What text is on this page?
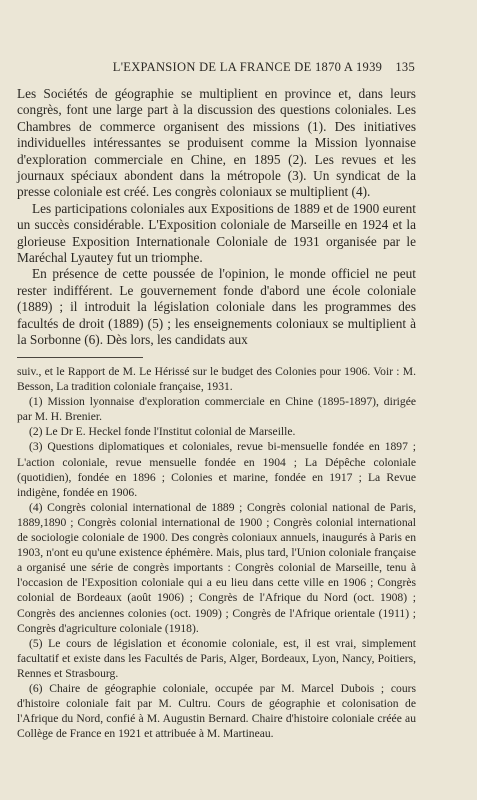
L'EXPANSION DE LA FRANCE DE 1870 A 1939	135

Les Sociétés de géographie se multiplient en province et, dans leurs congrès, font une large part à la discussion des questions coloniales. Les Chambres de commerce organisent des missions (1). Des initiatives individuelles intéressantes se produisent comme la Mission lyonnaise d'exploration commerciale en Chine, en 1895 (2). Les revues et les journaux spéciaux abondent dans la métropole (3). Un syndicat de la presse coloniale est créé. Les congrès coloniaux se multiplient (4).

Les participations coloniales aux Expositions de 1889 et de 1900 eurent un succès considérable. L'Exposition coloniale de Marseille en 1924 et la glorieuse Exposition Internationale Coloniale de 1931 organisée par le Maréchal Lyautey fut un triomphe.

En présence de cette poussée de l'opinion, le monde officiel ne peut rester indifférent. Le gouvernement fonde d'abord une école coloniale (1889) ; il introduit la législation coloniale dans les programmes des facultés de droit (1889) (5) ; les enseignements coloniaux se multiplient à la Sorbonne (6). Dès lors, les candidats aux

suiv., et le Rapport de M. Le Hérissé sur le budget des Colonies pour 1906. Voir : M. Besson, La tradition coloniale française, 1931.

(1) Mission lyonnaise d'exploration commerciale en Chine (1895-1897), dirigée par M. H. Brenier.

(2) Le Dr E. Heckel fonde l'Institut colonial de Marseille.

(3) Questions diplomatiques et coloniales, revue bi-mensuelle fondée en 1897 ; L'action coloniale, revue mensuelle fondée en 1904 ; La Dépêche coloniale (quotidien), fondée en 1896 ; Colonies et marine, fondée en 1917 ; La Revue indigène, fondée en 1906.

(4) Congrès colonial international de 1889 ; Congrès colonial national de Paris, 1889,1890 ; Congrès colonial international de 1900 ; Congrès colonial international de sociologie coloniale de 1900. Des congrès coloniaux annuels, inaugurés à Paris en 1903, n'ont eu qu'une existence éphémère. Mais, plus tard, l'Union coloniale française a organisé une série de congrès importants : Congrès colonial de Marseille, tenu à l'occasion de l'Exposition coloniale qui a eu lieu dans cette ville en 1906 ; Congrès colonial de Bordeaux (août 1906) ; Congrès de l'Afrique du Nord (oct. 1908) ; Congrès des anciennes colonies (oct. 1909) ; Congrès de l'Afrique orientale (1911) ; Congrès d'agriculture coloniale (1918).

(5) Le cours de législation et économie coloniale, est, il est vrai, simplement facultatif et existe dans les Facultés de Paris, Alger, Bordeaux, Lyon, Nancy, Poitiers, Rennes et Strasbourg.

(6) Chaire de géographie coloniale, occupée par M. Marcel Dubois ; cours d'histoire coloniale fait par M. Cultru. Cours de géographie et colonisation de l'Afrique du Nord, confié à M. Augustin Bernard. Chaire d'histoire coloniale créée au Collège de France en 1921 et attribuée à M. Martineau.
